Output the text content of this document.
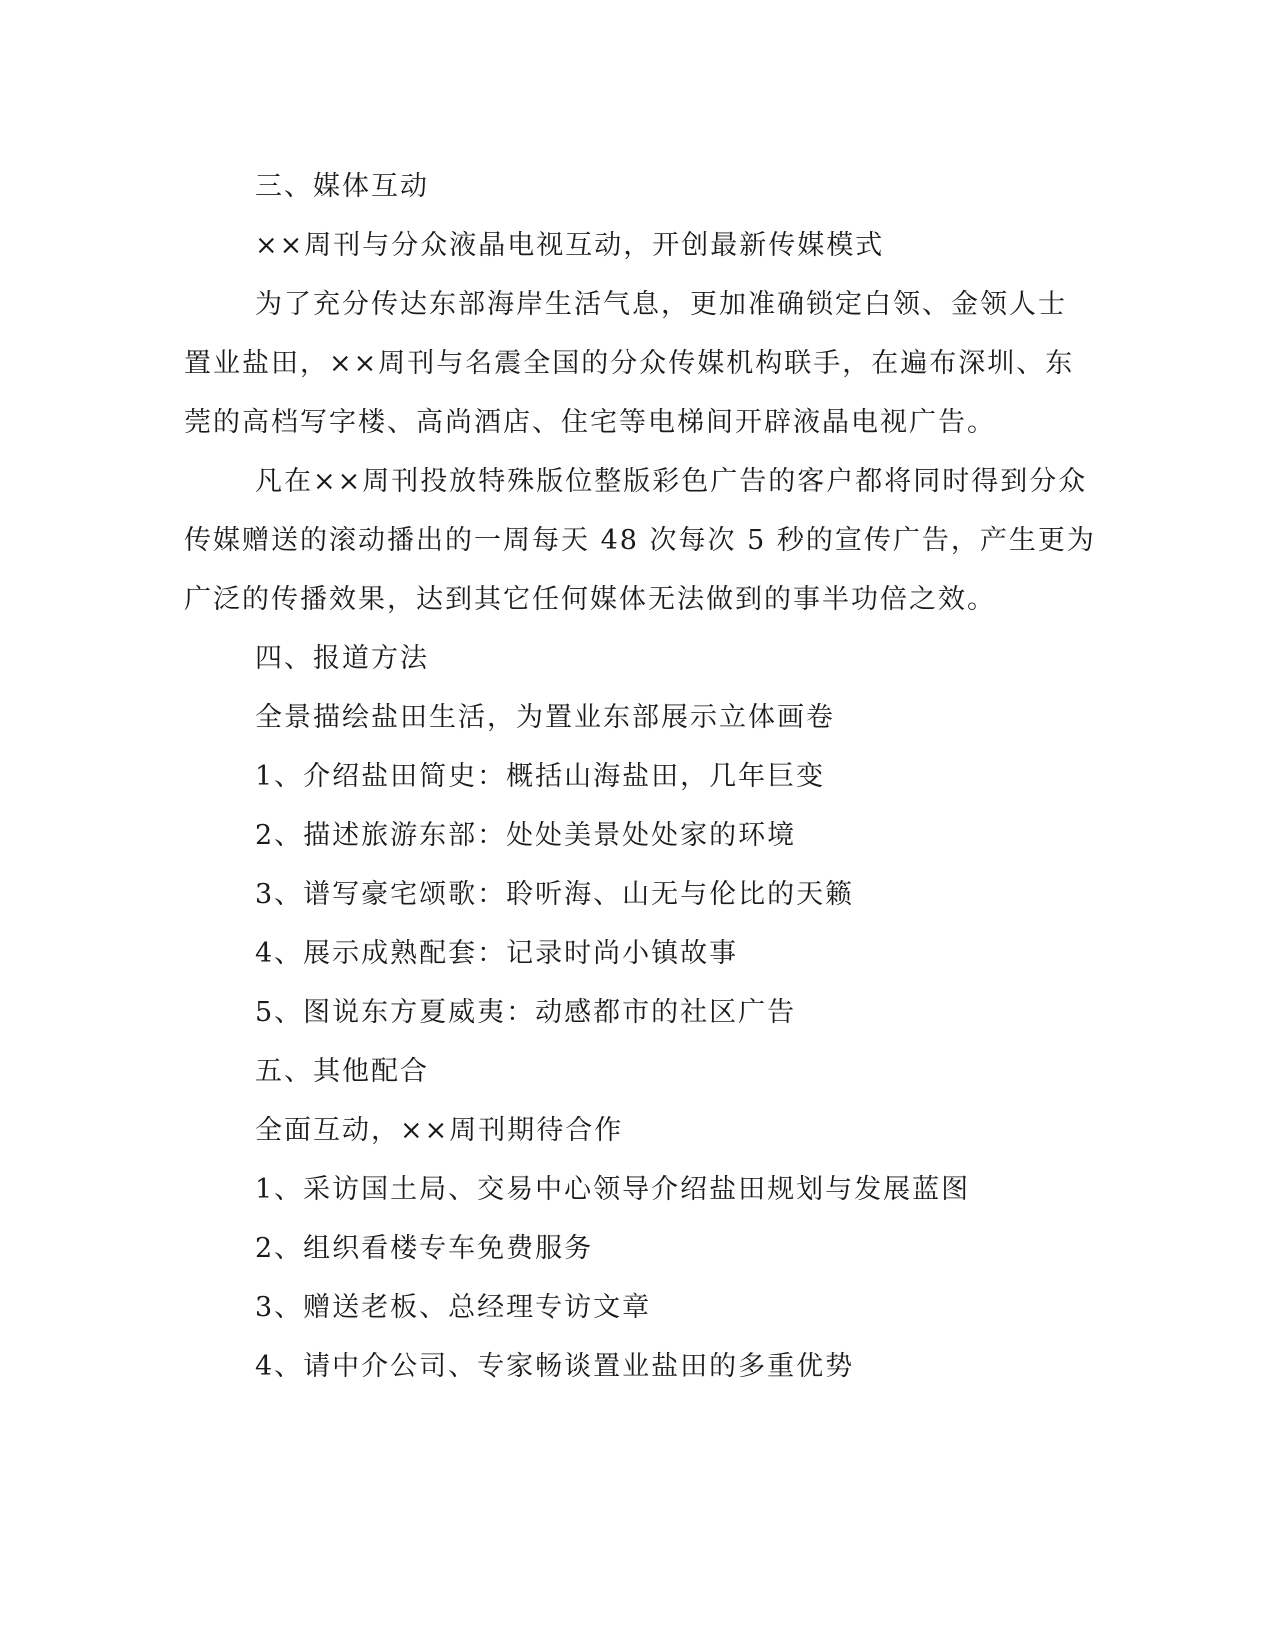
三、媒体互动
××周刊与分众液晶电视互动，开创最新传媒模式
为了充分传达东部海岸生活气息，更加准确锁定白领、金领人士
置业盐田，××周刊与名震全国的分众传媒机构联手，在遍布深圳、东
莞的高档写字楼、高尚酒店、住宅等电梯间开辟液晶电视广告。
凡在××周刊投放特殊版位整版彩色广告的客户都将同时得到分众
传媒赠送的滚动播出的一周每天 48 次每次 5 秒的宣传广告，产生更为
广泛的传播效果，达到其它任何媒体无法做到的事半功倍之效。
四、报道方法
全景描绘盐田生活，为置业东部展示立体画卷
1、介绍盐田简史：概括山海盐田，几年巨变
2、描述旅游东部：处处美景处处家的环境
3、谱写豪宅颂歌：聆听海、山无与伦比的天籁
4、展示成熟配套：记录时尚小镇故事
5、图说东方夏威夷：动感都市的社区广告
五、其他配合
全面互动，××周刊期待合作
1、采访国土局、交易中心领导介绍盐田规划与发展蓝图
2、组织看楼专车免费服务
3、赠送老板、总经理专访文章
4、请中介公司、专家畅谈置业盐田的多重优势
